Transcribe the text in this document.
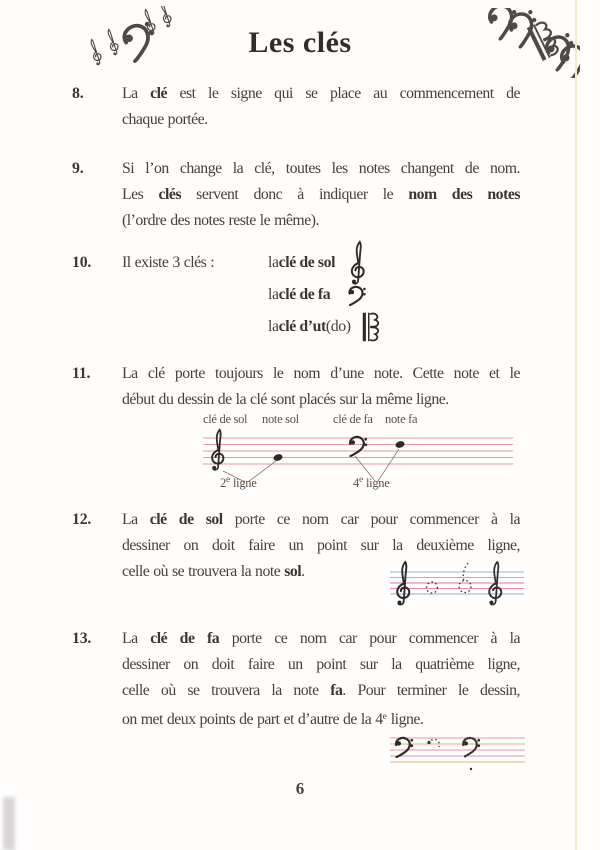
Les clés
8.	La clé est le signe qui se place au commencement de
chaque portée.
9.	Si l’on change la clé, toutes les notes changent de nom.
Les clés servent donc à indiquer le nom des notes
(l’ordre des notes reste le même).
10.	Il existe 3 clés :
11.	La clé porte toujours le nom d’une note. Cette note et le
début du dessin de la clé sont placés sur la même ligne.
12.	La clé de sol porte ce nom car pour commencer à la
dessiner on doit faire un point sur la deuxième ligne,
celle où se trouvera la note sol.
13.	La clé de fa porte ce nom car pour commencer à la
dessiner on doit faire un point sur la quatrième ligne,
celle où se trouvera la note fa. Pour terminer le dessin,
on met deux points de part et d’autre de la 4e ligne.
la clé de sol
la clé de fa
la clé d’ut (do)
clé de sol note sol	clé de fa note fa
2e ligne	4e ligne
6
